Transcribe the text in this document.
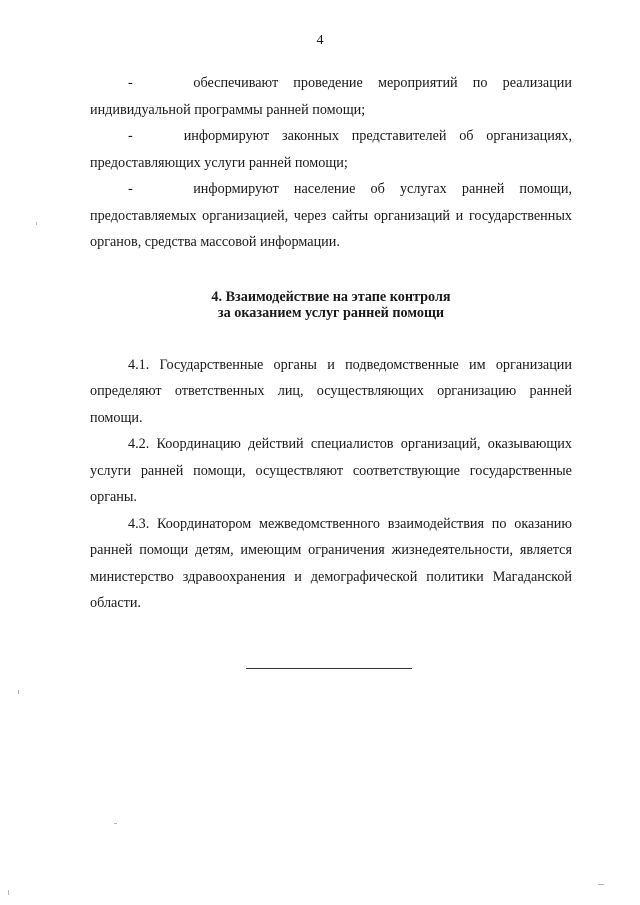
4

-    обеспечивают проведение мероприятий по реализации индивидуальной программы ранней помощи;

-    информируют законных представителей об организациях, предоставляющих услуги ранней помощи;

-    информируют население об услугах ранней помощи, предоставляемых организацией, через сайты организаций и государственных органов, средства массовой информации.

4. Взаимодействие на этапе контроля
за оказанием услуг ранней помощи

4.1. Государственные органы и подведомственные им организации определяют ответственных лиц, осуществляющих организацию ранней помощи.

4.2. Координацию действий специалистов организаций, оказывающих услуги ранней помощи, осуществляют соответствующие государственные органы.

4.3. Координатором межведомственного взаимодействия по оказанию ранней помощи детям, имеющим ограничения жизнедеятельности, является министерство здравоохранения и демографической политики Магаданской области.
